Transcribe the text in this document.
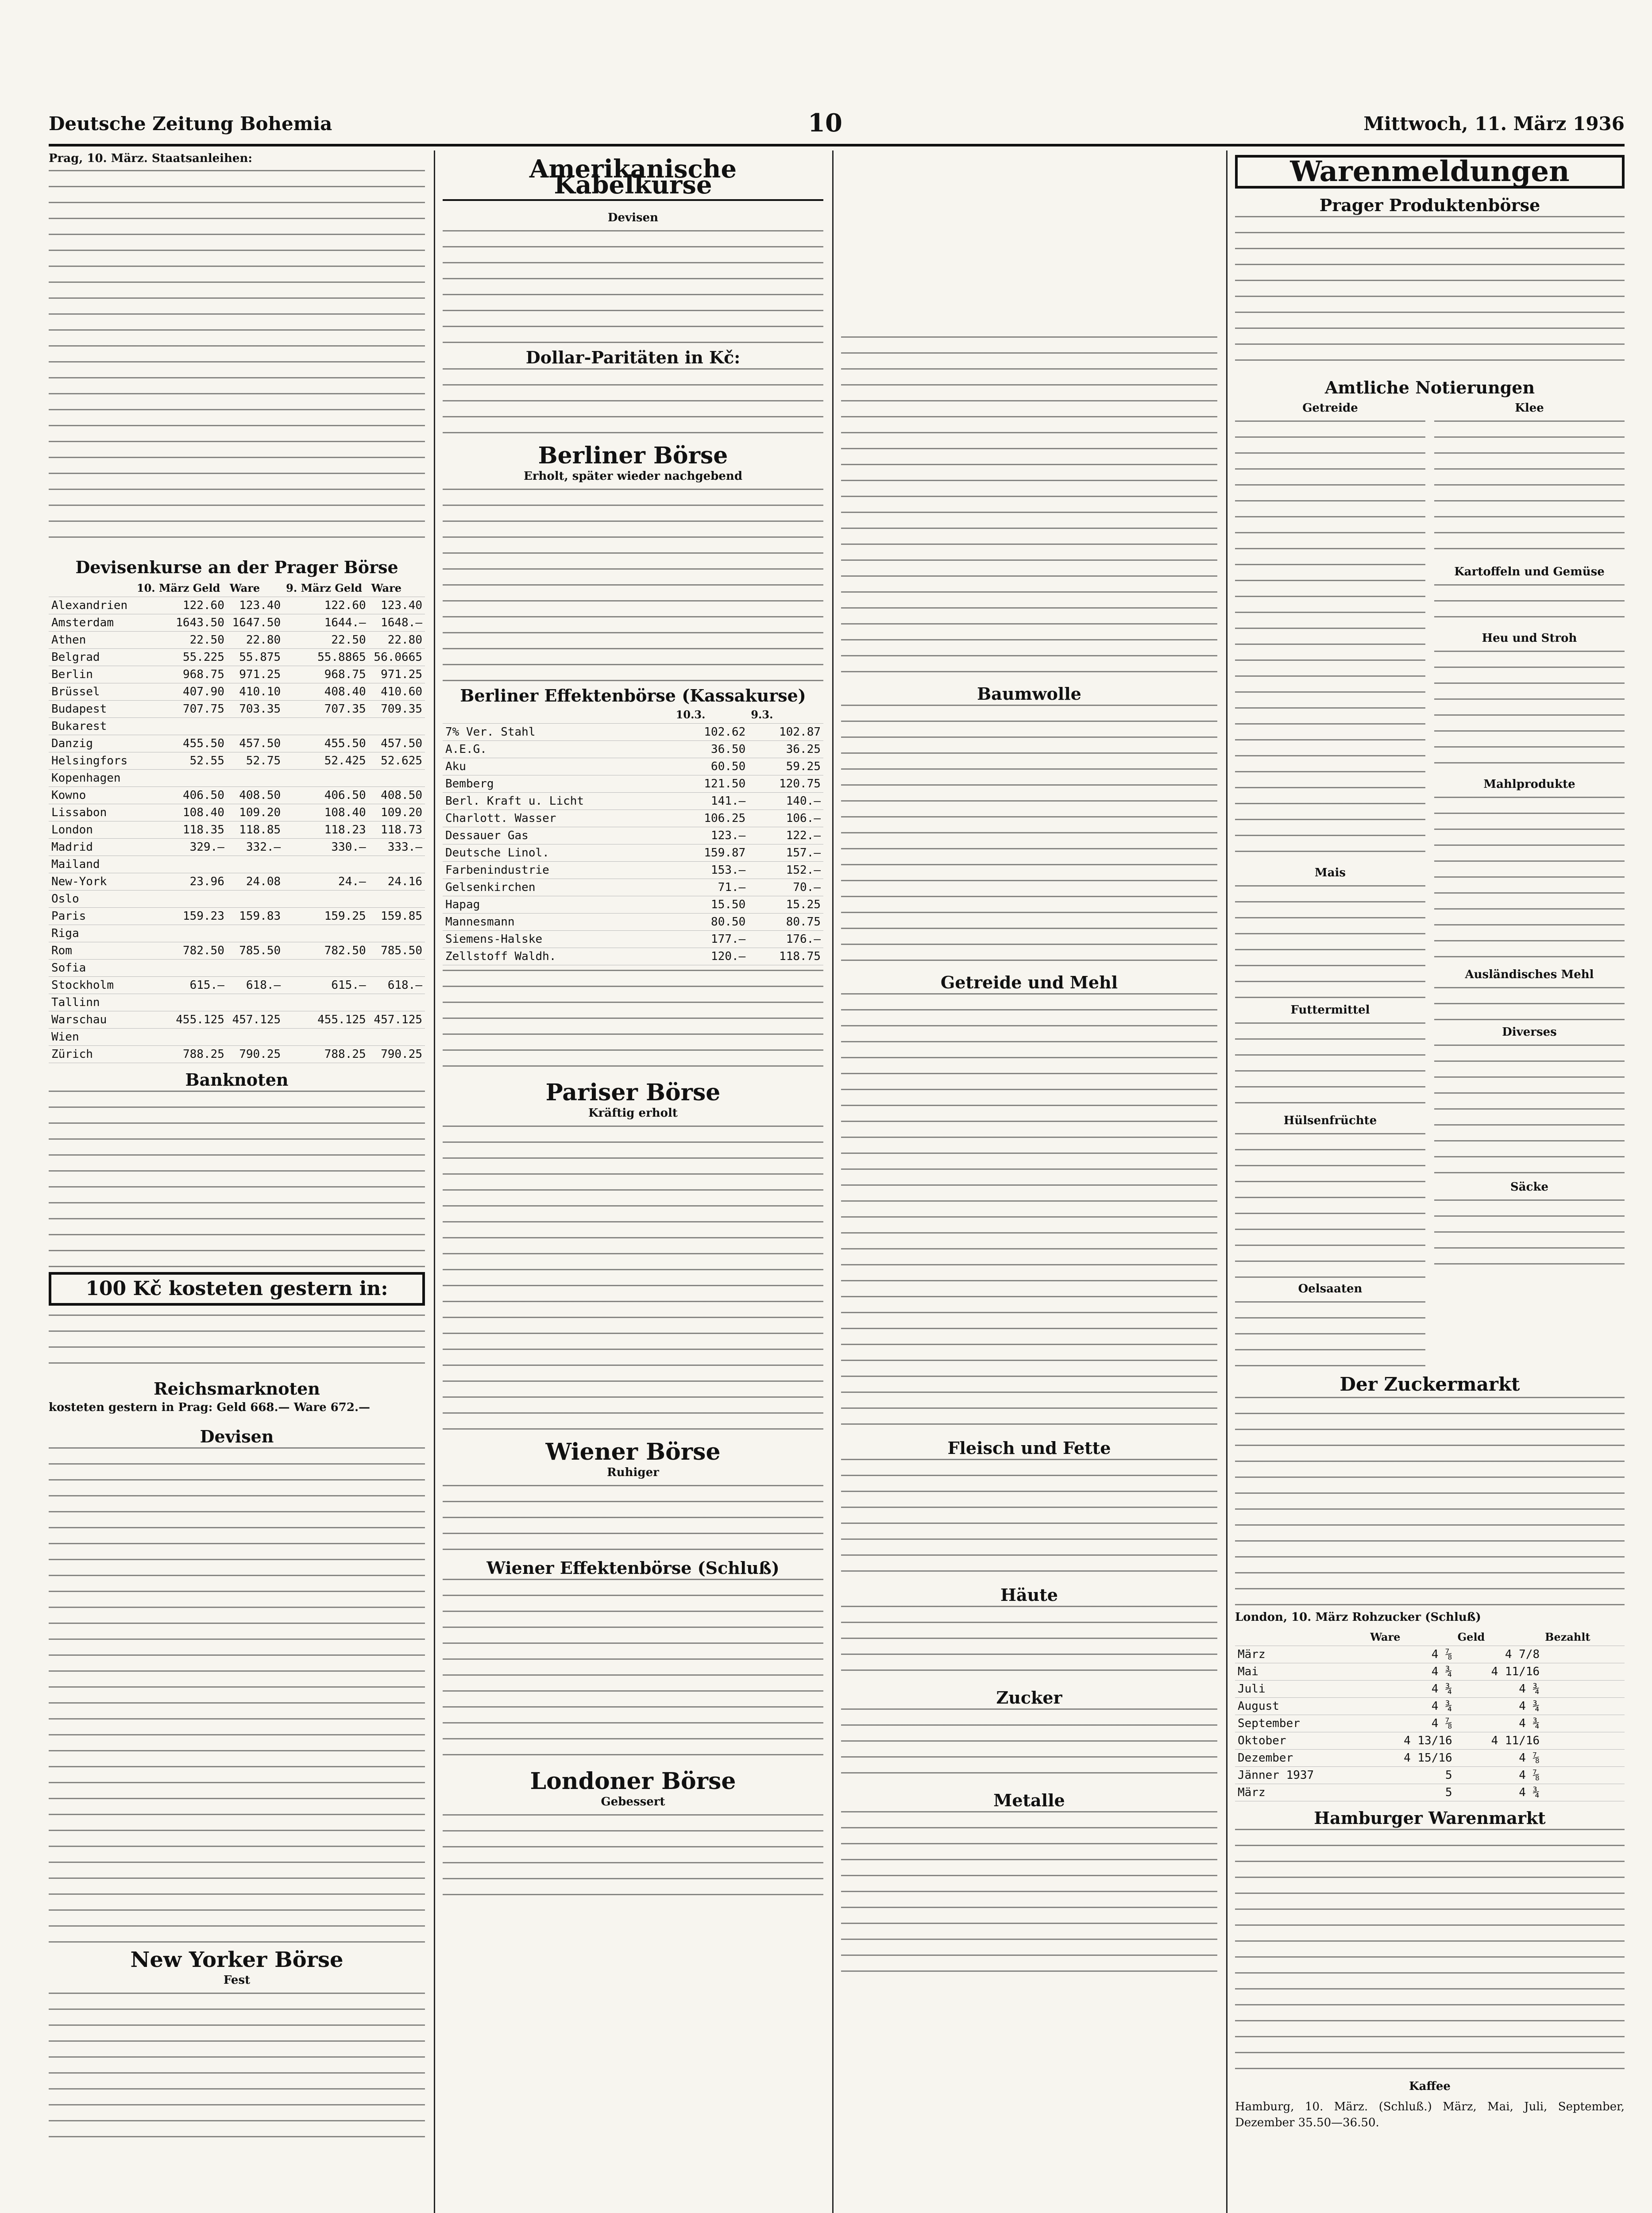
Deutsche Zeitung Bohemia	10	Mittwoch, 11. März 1936
Prag, 10. März. Staatsanleihen:
Devisenkurse an der Prager Börse
	10. März Geld	Ware	9. März Geld	Ware
Alexandrien	122.60	123.40	122.60	123.40
Amsterdam	1643.50	1647.50	1644.—	1648.—
Athen	22.50	22.80	22.50	22.80
Belgrad	55.225	55.875	55.8865	56.0665
Berlin	968.75	971.25	968.75	971.25
Brüssel	407.90	410.10	408.40	410.60
Budapest	707.75	703.35	707.35	709.35
Bukarest				
Danzig	455.50	457.50	455.50	457.50
Helsingfors	52.55	52.75	52.425	52.625
Kopenhagen				
Kowno	406.50	408.50	406.50	408.50
Lissabon	108.40	109.20	108.40	109.20
London	118.35	118.85	118.23	118.73
Madrid	329.—	332.—	330.—	333.—
Mailand				
New-York	23.96	24.08	24.—	24.16
Oslo				
Paris	159.23	159.83	159.25	159.85
Riga				
Rom	782.50	785.50	782.50	785.50
Sofia				
Stockholm	615.—	618.—	615.—	618.—
Tallinn				
Warschau	455.125	457.125	455.125	457.125
Wien				
Zürich	788.25	790.25	788.25	790.25
Banknoten
100 Kč kosteten gestern in:
Reichsmarknoten
kosteten gestern in Prag: Geld 668.— Ware 672.—
Devisen
New Yorker Börse
Fest
Amerikanische Kabelkurse
Devisen
Dollar-Paritäten in Kč:
Berliner Börse
Erholt, später wieder nachgebend
Berliner Effektenbörse (Kassakurse)
	10.3.	9.3.
7% Ver. Stahl	102.62	102.87
A.E.G.	36.50	36.25
Aku	60.50	59.25
Bemberg	121.50	120.75
Berl. Kraft u. Licht	141.—	140.—
Charlott. Wasser	106.25	106.—
Dessauer Gas	123.—	122.—
Deutsche Linol.	159.87	157.—
Farbenindustrie	153.—	152.—
Gelsenkirchen	71.—	70.—
Hapag	15.50	15.25
Mannesmann	80.50	80.75
Siemens-Halske	177.—	176.—
Zellstoff Waldh.	120.—	118.75
Pariser Börse
Kräftig erholt
Wiener Börse
Ruhiger
Wiener Effektenbörse (Schluß)
Londoner Börse
Gebessert
Baumwolle
Getreide und Mehl
Fleisch und Fette
Häute
Zucker
Metalle
Warenmeldungen
Prager Produktenbörse
Amtliche Notierungen
Getreide
Mais
Futtermittel
Hülsenfrüchte
Oelsaaten
Klee
Kartoffeln und Gemüse
Heu und Stroh
Mahlprodukte
Ausländisches Mehl
Diverses
Säcke
Der Zuckermarkt
London, 10. März Rohzucker (Schluß)
	Ware	Geld	Bezahlt
März	4 ⅞	4 7/8	
Mai	4 ¾	4 11/16	
Juli	4 ¾	4 ¾	
August	4 ¾	4 ¾	
September	4 ⅞	4 ¾	
Oktober	4 13/16	4 11/16	
Dezember	4 15/16	4 ⅞	
Jänner 1937	5	4 ⅞	
März	5	4 ¾	
Hamburger Warenmarkt
Kaffee
Hamburg, 10. März. (Schluß.) März, Mai, Juli, September, Dezember 35.50—36.50.
